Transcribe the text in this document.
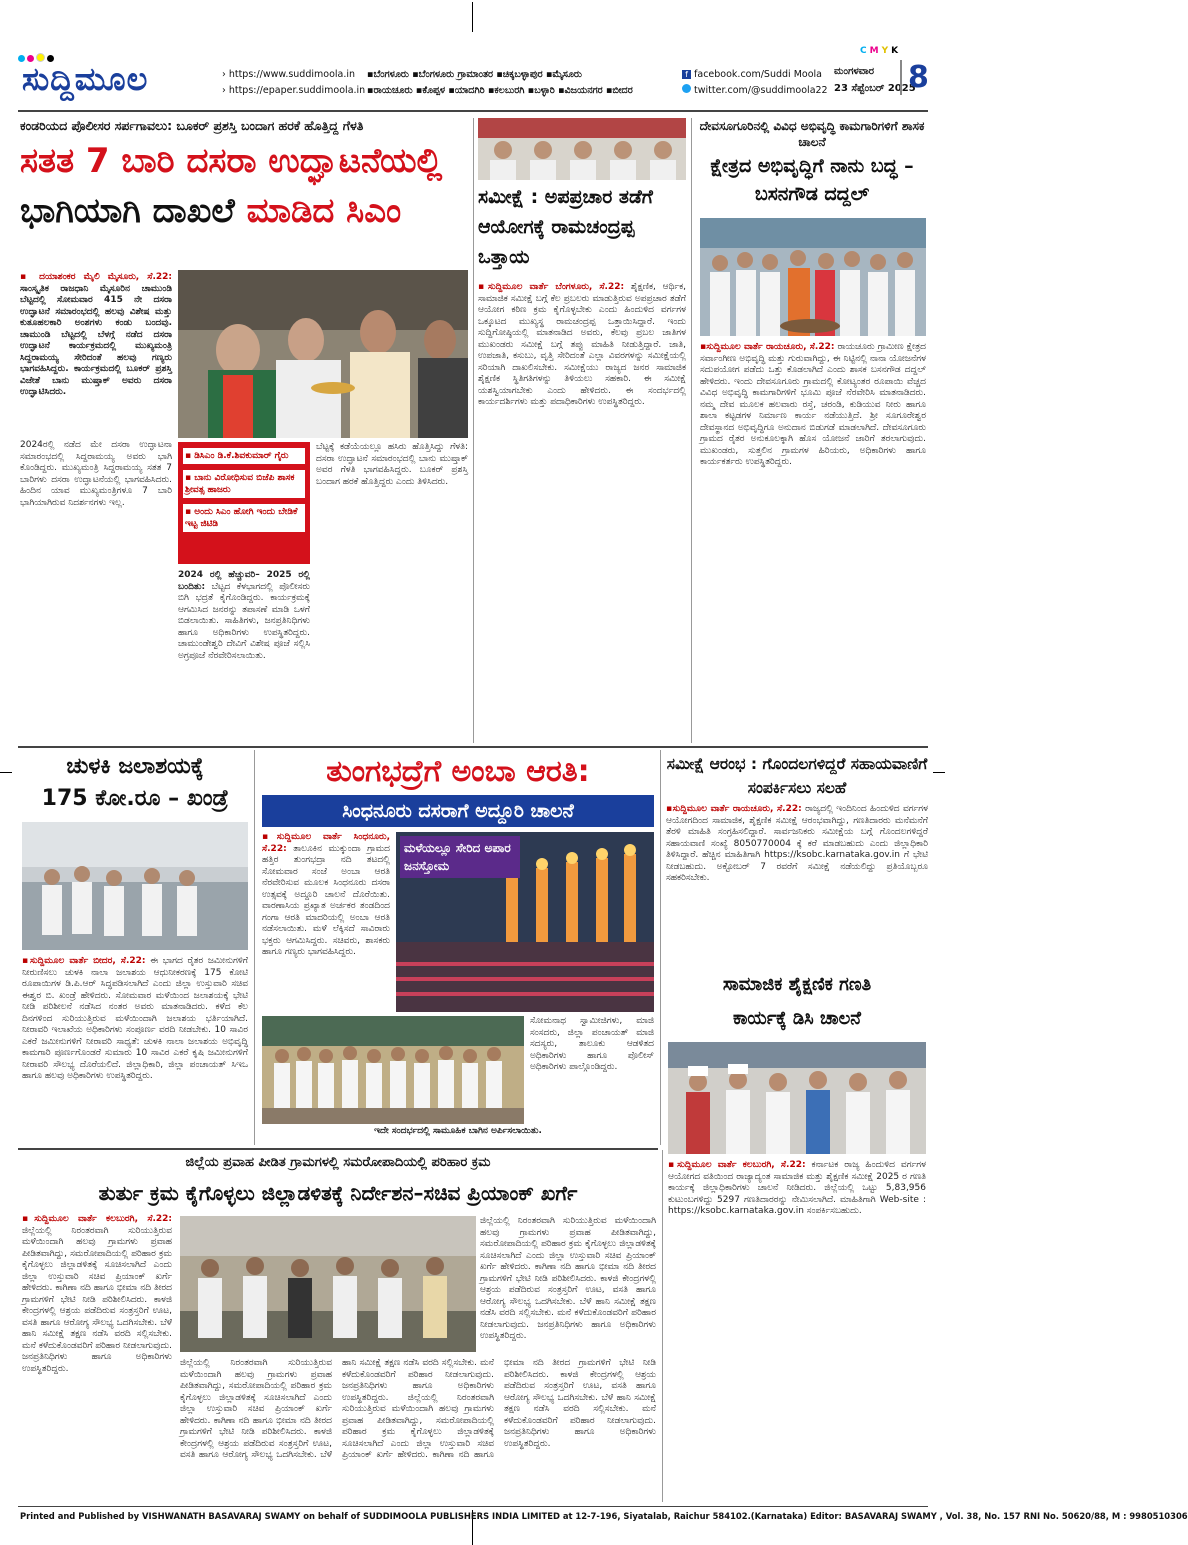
CMYK
ಸುದ್ದಿಮೂಲ	› https://www.suddimoola.in
› https://epaper.suddimoola.in
▪ಬೆಂಗಳೂರು ▪ಬೆಂಗಳೂರು ಗ್ರಾಮಾಂತರ ▪ಚಿಕ್ಕಬಳ್ಳಾಪುರ ▪ಮೈಸೂರು
▪ರಾಯಚೂರು ▪ಕೊಪ್ಪಳ ▪ಯಾದಗಿರಿ ▪ಕಲಬುರಗಿ ▪ಬಳ್ಳಾರಿ ▪ವಿಜಯನಗರ ▪ಬೀದರ
f facebook.com/Suddi Moola
twitter.com/@suddimoola22
ಮಂಗಳವಾರ
23 ಸೆಪ್ಟೆಂಬರ್ 2025
8
ಕಂಡರಿಯದ ಪೊಲೀಸರ ಸರ್ಪಗಾವಲು: ಬೂಕರ್ ಪ್ರಶಸ್ತಿ ಬಂದಾಗ ಹರಕೆ ಹೊತ್ತಿದ್ದ ಗೆಳತಿ
ಸತತ 7 ಬಾರಿ ದಸರಾ ಉದ್ಘಾಟನೆಯಲ್ಲಿ
ಭಾಗಿಯಾಗಿ ದಾಖಲೆ ಮಾಡಿದ ಸಿಎಂ
▪ ದಯಾಶಂಕರ ಮೈಲಿ ಮೈಸೂರು, ಸೆ.22: ಸಾಂಸ್ಕೃತಿಕ ರಾಜಧಾನಿ ಮೈಸೂರಿನ ಚಾಮುಂಡಿ ಬೆಟ್ಟದಲ್ಲಿ ಸೋಮವಾರ 415 ನೇ ದಸರಾ ಉದ್ಘಾಟನೆ ಸಮಾರಂಭದಲ್ಲಿ ಹಲವು ವಿಶೇಷ ಮತ್ತು ಕುತೂಹಲಕಾರಿ ಅಂಶಗಳು ಕಂಡು ಬಂದವು. ಚಾಮುಂಡಿ ಬೆಟ್ಟದಲ್ಲಿ ಬೆಳಗ್ಗೆ ನಡೆದ ದಸರಾ ಉದ್ಘಾಟನೆ ಕಾರ್ಯಕ್ರಮದಲ್ಲಿ ಮುಖ್ಯಮಂತ್ರಿ ಸಿದ್ದರಾಮಯ್ಯ ಸೇರಿದಂತೆ ಹಲವು ಗಣ್ಯರು ಭಾಗವಹಿಸಿದ್ದರು. ಕಾರ್ಯಕ್ರಮದಲ್ಲಿ ಬೂಕರ್ ಪ್ರಶಸ್ತಿ ವಿಜೇತೆ ಬಾನು ಮುಷ್ತಾಕ್ ಅವರು ದಸರಾ ಉದ್ಘಾಟಿಸಿದರು.
2024ರಲ್ಲಿ ನಡೆದ ಮೇ ದಸರಾ ಉದ್ಘಾಟನಾ ಸಮಾರಂಭದಲ್ಲಿ ಸಿದ್ದರಾಮಯ್ಯ ಅವರು ಭಾಗಿ ಕೊಂಡಿದ್ದರು. ಮುಖ್ಯಮಂತ್ರಿ ಸಿದ್ದರಾಮಯ್ಯ ಸತತ 7 ಬಾರಿಗಳು ದಸರಾ ಉದ್ಘಾಟನೆಯಲ್ಲಿ ಭಾಗವಹಿಸಿದರು. ಹಿಂದಿನ ಯಾವ ಮುಖ್ಯಮಂತ್ರಿಗಳೂ 7 ಬಾರಿ ಭಾಗಿಯಾಗಿರುವ ನಿದರ್ಶನಗಳು ಇಲ್ಲ.
▪ ಡಿಸಿಎಂ ಡಿ.ಕೆ.ಶಿವಕುಮಾರ್ ಗೈರು
▪ ಬಾನು ವಿರೋಧಿಸುವ ಬಿಜೆಪಿ ಶಾಸಕ ಶ್ರೀವತ್ಸ ಹಾಜರು
▪ ಅಂದು ಸಿಎಂ ಹೋಗಿ ಇಂದು ಬೇಡಿಕೆ ಇಟ್ಟ ಜಿಟಿಡಿ
2024 ರಲ್ಲಿ ಹೆಚ್ಚುವರಿ– 2025 ರಲ್ಲಿ ಬಂದಿತು: ಬೆಟ್ಟದ ಕೆಳಭಾಗದಲ್ಲಿ ಪೊಲೀಸರು ಬಿಗಿ ಭದ್ರತೆ ಕೈಗೊಂಡಿದ್ದರು. ಕಾರ್ಯಕ್ರಮಕ್ಕೆ ಆಗಮಿಸಿದ ಜನರನ್ನು ತಪಾಸಣೆ ಮಾಡಿ ಒಳಗೆ ಬಿಡಲಾಯಿತು. ಸಾಹಿತಿಗಳು, ಜನಪ್ರತಿನಿಧಿಗಳು ಹಾಗೂ ಅಧಿಕಾರಿಗಳು ಉಪಸ್ಥಿತರಿದ್ದರು. ಚಾಮುಂಡೇಶ್ವರಿ ದೇವಿಗೆ ವಿಶೇಷ ಪೂಜೆ ಸಲ್ಲಿಸಿ ಅಗ್ರಪೂಜೆ ನೆರವೇರಿಸಲಾಯಿತು.
ಬೆಟ್ಟಕ್ಕೆ ಕಡೆಯೆಯಲ್ಲೂ ಹಸಿರು ಹೊತ್ತಿಸಿದ್ದು ಗೆಳತಿ: ದಸರಾ ಉದ್ಘಾಟನೆ ಸಮಾರಂಭದಲ್ಲಿ ಬಾನು ಮುಷ್ತಾಕ್ ಅವರ ಗೆಳತಿ ಭಾಗವಹಿಸಿದ್ದರು. ಬೂಕರ್ ಪ್ರಶಸ್ತಿ ಬಂದಾಗ ಹರಕೆ ಹೊತ್ತಿದ್ದರು ಎಂದು ತಿಳಿಸಿದರು.
ಸಮೀಕ್ಷೆ : ಅಪಪ್ರಚಾರ ತಡೆಗೆ ಆಯೋಗಕ್ಕೆ ರಾಮಚಂದ್ರಪ್ಪ ಒತ್ತಾಯ
▪ಸುದ್ದಿಮೂಲ ವಾರ್ತೆ ಬೆಂಗಳೂರು, ಸೆ.22: ಶೈಕ್ಷಣಿಕ, ಆರ್ಥಿಕ, ಸಾಮಾಜಿಕ ಸಮೀಕ್ಷೆ ಬಗ್ಗೆ ಕೆಲ ಪ್ರಬಲರು ಮಾಡುತ್ತಿರುವ ಅಪಪ್ರಚಾರ ತಡೆಗೆ ಆಯೋಗ ಕಠಿಣ ಕ್ರಮ ಕೈಗೊಳ್ಳಬೇಕು ಎಂದು ಹಿಂದುಳಿದ ವರ್ಗಗಳ ಒಕ್ಕೂಟದ ಮುಖ್ಯಸ್ಥ ರಾಮಚಂದ್ರಪ್ಪ ಒತ್ತಾಯಿಸಿದ್ದಾರೆ. ಇಂದು ಸುದ್ದಿಗೋಷ್ಠಿಯಲ್ಲಿ ಮಾತನಾಡಿದ ಅವರು, ಕೆಲವು ಪ್ರಬಲ ಜಾತಿಗಳ ಮುಖಂಡರು ಸಮೀಕ್ಷೆ ಬಗ್ಗೆ ತಪ್ಪು ಮಾಹಿತಿ ನೀಡುತ್ತಿದ್ದಾರೆ. ಜಾತಿ, ಉಪಜಾತಿ, ಕಸುಬು, ವೃತ್ತಿ ಸೇರಿದಂತೆ ಎಲ್ಲಾ ವಿವರಗಳನ್ನು ಸಮೀಕ್ಷೆಯಲ್ಲಿ ಸರಿಯಾಗಿ ದಾಖಲಿಸಬೇಕು. ಸಮೀಕ್ಷೆಯು ರಾಜ್ಯದ ಜನರ ಸಾಮಾಜಿಕ ಶೈಕ್ಷಣಿಕ ಸ್ಥಿತಿಗತಿಗಳನ್ನು ತಿಳಿಯಲು ಸಹಕಾರಿ. ಈ ಸಮೀಕ್ಷೆ ಯಶಸ್ವಿಯಾಗಬೇಕು ಎಂದು ಹೇಳಿದರು. ಈ ಸಂದರ್ಭದಲ್ಲಿ ಕಾರ್ಯದರ್ಶಿಗಳು ಮತ್ತು ಪದಾಧಿಕಾರಿಗಳು ಉಪಸ್ಥಿತರಿದ್ದರು.
ದೇವಸೂಗೂರಿನಲ್ಲಿ ವಿವಿಧ ಅಭಿವೃದ್ಧಿ ಕಾಮಗಾರಿಗಳಿಗೆ ಶಾಸಕ ಚಾಲನೆ
ಕ್ಷೇತ್ರದ ಅಭಿವೃದ್ಧಿಗೆ ನಾನು ಬದ್ಧ – ಬಸನಗೌಡ ದದ್ದಲ್
▪ಸುದ್ದಿಮೂಲ ವಾರ್ತೆ ರಾಯಚೂರು, ಸೆ.22: ರಾಯಚೂರು ಗ್ರಾಮೀಣ ಕ್ಷೇತ್ರದ ಸರ್ವಾಂಗೀಣ ಅಭಿವೃದ್ಧಿ ಮತ್ತು ಗುರುವಾಗಿದ್ದು, ಈ ನಿಟ್ಟಿನಲ್ಲಿ ನಾನಾ ಯೋಜನೆಗಳ ಸದುಪಯೋಗ ಪಡೆದು ಒತ್ತು ಕೊಡಲಾಗಿದೆ ಎಂದು ಶಾಸಕ ಬಸನಗೌಡ ದದ್ದಲ್ ಹೇಳಿದರು. ಇಂದು ದೇವಸೂಗೂರು ಗ್ರಾಮದಲ್ಲಿ ಕೋಟ್ಯಂತರ ರೂಪಾಯಿ ವೆಚ್ಚದ ವಿವಿಧ ಅಭಿವೃದ್ಧಿ ಕಾಮಗಾರಿಗಳಿಗೆ ಭೂಮಿ ಪೂಜೆ ನೆರವೇರಿಸಿ ಮಾತನಾಡಿದರು. ನಮ್ಮ ದೇವ ಮೂಲಕ ಹಲವಾರು ರಸ್ತೆ, ಚರಂಡಿ, ಕುಡಿಯುವ ನೀರು ಹಾಗೂ ಶಾಲಾ ಕಟ್ಟಡಗಳ ನಿರ್ಮಾಣ ಕಾರ್ಯ ನಡೆಯುತ್ತಿದೆ. ಶ್ರೀ ಸೂಗೂರೇಶ್ವರ ದೇವಸ್ಥಾನದ ಅಭಿವೃದ್ಧಿಗೂ ಅನುದಾನ ಬಿಡುಗಡೆ ಮಾಡಲಾಗಿದೆ. ದೇವಸೂಗೂರು ಗ್ರಾಮದ ರೈತರ ಅನುಕೂಲಕ್ಕಾಗಿ ಹೊಸ ಯೋಜನೆ ಜಾರಿಗೆ ತರಲಾಗುವುದು. ಮುಖಂಡರು, ಸುತ್ತಲಿನ ಗ್ರಾಮಗಳ ಹಿರಿಯರು, ಅಧಿಕಾರಿಗಳು ಹಾಗೂ ಕಾರ್ಯಕರ್ತರು ಉಪಸ್ಥಿತರಿದ್ದರು.
ಚುಳಕಿ ಜಲಾಶಯಕ್ಕೆ
175 ಕೋ.ರೂ – ಖಂಡ್ರೆ
▪ಸುದ್ದಿಮೂಲ ವಾರ್ತೆ ಬೀದರ, ಸೆ.22: ಈ ಭಾಗದ ರೈತರ ಜಮೀನುಗಳಿಗೆ ನೀರುಣಿಸಲು ಚುಳಕಿ ನಾಲಾ ಜಲಾಶಯ ಆಧುನೀಕರಣಕ್ಕೆ 175 ಕೋಟಿ ರೂಪಾಯಿಗಳ ಡಿ.ಪಿ.ಆರ್ ಸಿದ್ಧಪಡಿಸಲಾಗಿದೆ ಎಂದು ಜಿಲ್ಲಾ ಉಸ್ತುವಾರಿ ಸಚಿವ ಈಶ್ವರ ಬಿ. ಖಂಡ್ರೆ ಹೇಳಿದರು. ಸೋಮವಾರ ಮಳೆಯಿಂದ ಜಲಾಶಯಕ್ಕೆ ಭೇಟಿ ನೀಡಿ ಪರಿಶೀಲನೆ ನಡೆಸಿದ ನಂತರ ಅವರು ಮಾತನಾಡಿದರು. ಕಳೆದ ಕೆಲ ದಿನಗಳಿಂದ ಸುರಿಯುತ್ತಿರುವ ಮಳೆಯಿಂದಾಗಿ ಜಲಾಶಯ ಭರ್ತಿಯಾಗಿದೆ. ನೀರಾವರಿ ಇಲಾಖೆಯ ಅಧಿಕಾರಿಗಳು ಸಂಪೂರ್ಣ ವರದಿ ನೀಡಬೇಕು. 10 ಸಾವಿರ ಎಕರೆ ಜಮೀನುಗಳಿಗೆ ನೀರಾವರಿ ಸಾಧ್ಯತೆ: ಚುಳಕಿ ನಾಲಾ ಜಲಾಶಯ ಅಭಿವೃದ್ಧಿ ಕಾಮಗಾರಿ ಪೂರ್ಣಗೊಂಡರೆ ಸುಮಾರು 10 ಸಾವಿರ ಎಕರೆ ಕೃಷಿ ಜಮೀನುಗಳಿಗೆ ನೀರಾವರಿ ಸೌಲಭ್ಯ ದೊರೆಯಲಿದೆ. ಜಿಲ್ಲಾಧಿಕಾರಿ, ಜಿಲ್ಲಾ ಪಂಚಾಯತ್ ಸಿಇಒ ಹಾಗೂ ಹಲವು ಅಧಿಕಾರಿಗಳು ಉಪಸ್ಥಿತರಿದ್ದರು.
ತುಂಗಭದ್ರೆಗೆ ಅಂಬಾ ಆರತಿ:
ಸಿಂಧನೂರು ದಸರಾಗೆ ಅದ್ದೂರಿ ಚಾಲನೆ
▪ಸುದ್ದಿಮೂಲ ವಾರ್ತೆ ಸಿಂಧನೂರು, ಸೆ.22: ತಾಲೂಕಿನ ಮುಕ್ಕುಂದಾ ಗ್ರಾಮದ ಹತ್ತಿರ ತುಂಗಭದ್ರಾ ನದಿ ತಟದಲ್ಲಿ ಸೋಮವಾರ ಸಂಜೆ ಅಂಬಾ ಆರತಿ ನೆರವೇರಿಸುವ ಮೂಲಕ ಸಿಂಧನೂರು ದಸರಾ ಉತ್ಸವಕ್ಕೆ ಅದ್ದೂರಿ ಚಾಲನೆ ದೊರೆಯಿತು. ವಾರಣಾಸಿಯ ಪ್ರಖ್ಯಾತ ಅರ್ಚಕರ ತಂಡದಿಂದ ಗಂಗಾ ಆರತಿ ಮಾದರಿಯಲ್ಲಿ ಅಂಬಾ ಆರತಿ ನಡೆಸಲಾಯಿತು. ಮಳೆ ಲೆಕ್ಕಿಸದೆ ಸಾವಿರಾರು ಭಕ್ತರು ಆಗಮಿಸಿದ್ದರು. ಸಚಿವರು, ಶಾಸಕರು ಹಾಗೂ ಗಣ್ಯರು ಭಾಗವಹಿಸಿದ್ದರು.
ಮಳೆಯಲ್ಲೂ ಸೇರಿದ ಅಪಾರ ಜನಸ್ತೋಮ
ಸೋಮನಾಥ ಸ್ವಾಮೀಜಿಗಳು, ಮಾಜಿ ಸಂಸದರು, ಜಿಲ್ಲಾ ಪಂಚಾಯತ್ ಮಾಜಿ ಸದಸ್ಯರು, ತಾಲೂಕು ಆಡಳಿತದ ಅಧಿಕಾರಿಗಳು ಹಾಗೂ ಪೊಲೀಸ್ ಅಧಿಕಾರಿಗಳು ಪಾಲ್ಗೊಂಡಿದ್ದರು.
ಇದೇ ಸಂದರ್ಭದಲ್ಲಿ ಸಾಮೂಹಿಕ ಬಾಗಿನ ಅರ್ಪಿಸಲಾಯಿತು.
ಸಮೀಕ್ಷೆ ಆರಂಭ : ಗೊಂದಲಗಳಿದ್ದರೆ ಸಹಾಯವಾಣಿಗೆ ಸಂಪರ್ಕಿಸಲು ಸಲಹೆ
▪ಸುದ್ದಿಮೂಲ ವಾರ್ತೆ ರಾಯಚೂರು, ಸೆ.22: ರಾಜ್ಯದಲ್ಲಿ ಇಂದಿನಿಂದ ಹಿಂದುಳಿದ ವರ್ಗಗಳ ಆಯೋಗದಿಂದ ಸಾಮಾಜಿಕ, ಶೈಕ್ಷಣಿಕ ಸಮೀಕ್ಷೆ ಆರಂಭವಾಗಿದ್ದು, ಗಣತಿದಾರರು ಮನೆಮನೆಗೆ ತೆರಳಿ ಮಾಹಿತಿ ಸಂಗ್ರಹಿಸಲಿದ್ದಾರೆ. ಸಾರ್ವಜನಿಕರು ಸಮೀಕ್ಷೆಯ ಬಗ್ಗೆ ಗೊಂದಲಗಳಿದ್ದರೆ ಸಹಾಯವಾಣಿ ಸಂಖ್ಯೆ 8050770004 ಕ್ಕೆ ಕರೆ ಮಾಡಬಹುದು ಎಂದು ಜಿಲ್ಲಾಧಿಕಾರಿ ತಿಳಿಸಿದ್ದಾರೆ. ಹೆಚ್ಚಿನ ಮಾಹಿತಿಗಾಗಿ https://ksobc.karnataka.gov.in ಗೆ ಭೇಟಿ ನೀಡಬಹುದು. ಅಕ್ಟೋಬರ್ 7 ರವರೆಗೆ ಸಮೀಕ್ಷೆ ನಡೆಯಲಿದ್ದು ಪ್ರತಿಯೊಬ್ಬರೂ ಸಹಕರಿಸಬೇಕು.
ಸಾಮಾಜಿಕ ಶೈಕ್ಷಣಿಕ ಗಣತಿ
ಕಾರ್ಯಕ್ಕೆ ಡಿಸಿ ಚಾಲನೆ
▪ಸುದ್ದಿಮೂಲ ವಾರ್ತೆ ಕಲಬುರಗಿ, ಸೆ.22: ಕರ್ನಾಟಕ ರಾಜ್ಯ ಹಿಂದುಳಿದ ವರ್ಗಗಳ ಆಯೋಗದ ವತಿಯಿಂದ ರಾಜ್ಯಾದ್ಯಂತ ಸಾಮಾಜಿಕ ಮತ್ತು ಶೈಕ್ಷಣಿಕ ಸಮೀಕ್ಷೆ 2025 ರ ಗಣತಿ ಕಾರ್ಯಕ್ಕೆ ಜಿಲ್ಲಾಧಿಕಾರಿಗಳು ಚಾಲನೆ ನೀಡಿದರು. ಜಿಲ್ಲೆಯಲ್ಲಿ ಒಟ್ಟು 5,83,956 ಕುಟುಂಬಗಳಿದ್ದು 5297 ಗಣತಿದಾರರನ್ನು ನೇಮಿಸಲಾಗಿದೆ. ಮಾಹಿತಿಗಾಗಿ Web-site : https://ksobc.karnataka.gov.in ಸಂಪರ್ಕಿಸಬಹುದು.
ಜಿಲ್ಲೆಯ ಪ್ರವಾಹ ಪೀಡಿತ ಗ್ರಾಮಗಳಲ್ಲಿ ಸಮರೋಪಾದಿಯಲ್ಲಿ ಪರಿಹಾರ ಕ್ರಮ
ತುರ್ತು ಕ್ರಮ ಕೈಗೊಳ್ಳಲು ಜಿಲ್ಲಾಡಳಿತಕ್ಕೆ ನಿರ್ದೇಶನ–ಸಚಿವ ಪ್ರಿಯಾಂಕ್ ಖರ್ಗೆ
▪ಸುದ್ದಿಮೂಲ ವಾರ್ತೆ ಕಲಬುರಗಿ, ಸೆ.22: ಜಿಲ್ಲೆಯಲ್ಲಿ ನಿರಂತರವಾಗಿ ಸುರಿಯುತ್ತಿರುವ ಮಳೆಯಿಂದಾಗಿ ಹಲವು ಗ್ರಾಮಗಳು ಪ್ರವಾಹ ಪೀಡಿತವಾಗಿದ್ದು, ಸಮರೋಪಾದಿಯಲ್ಲಿ ಪರಿಹಾರ ಕ್ರಮ ಕೈಗೊಳ್ಳಲು ಜಿಲ್ಲಾಡಳಿತಕ್ಕೆ ಸೂಚಿಸಲಾಗಿದೆ ಎಂದು ಜಿಲ್ಲಾ ಉಸ್ತುವಾರಿ ಸಚಿವ ಪ್ರಿಯಾಂಕ್ ಖರ್ಗೆ ಹೇಳಿದರು. ಕಾಗಿಣಾ ನದಿ ಹಾಗೂ ಭೀಮಾ ನದಿ ತೀರದ ಗ್ರಾಮಗಳಿಗೆ ಭೇಟಿ ನೀಡಿ ಪರಿಶೀಲಿಸಿದರು. ಕಾಳಜಿ ಕೇಂದ್ರಗಳಲ್ಲಿ ಆಶ್ರಯ ಪಡೆದಿರುವ ಸಂತ್ರಸ್ತರಿಗೆ ಊಟ, ವಸತಿ ಹಾಗೂ ಆರೋಗ್ಯ ಸೌಲಭ್ಯ ಒದಗಿಸಬೇಕು. ಬೆಳೆ ಹಾನಿ ಸಮೀಕ್ಷೆ ತಕ್ಷಣ ನಡೆಸಿ ವರದಿ ಸಲ್ಲಿಸಬೇಕು. ಮನೆ ಕಳೆದುಕೊಂಡವರಿಗೆ ಪರಿಹಾರ ನೀಡಲಾಗುವುದು. ಜನಪ್ರತಿನಿಧಿಗಳು ಹಾಗೂ ಅಧಿಕಾರಿಗಳು ಉಪಸ್ಥಿತರಿದ್ದರು.
ಜಿಲ್ಲೆಯಲ್ಲಿ ನಿರಂತರವಾಗಿ ಸುರಿಯುತ್ತಿರುವ ಮಳೆಯಿಂದಾಗಿ ಹಲವು ಗ್ರಾಮಗಳು ಪ್ರವಾಹ ಪೀಡಿತವಾಗಿದ್ದು, ಸಮರೋಪಾದಿಯಲ್ಲಿ ಪರಿಹಾರ ಕ್ರಮ ಕೈಗೊಳ್ಳಲು ಜಿಲ್ಲಾಡಳಿತಕ್ಕೆ ಸೂಚಿಸಲಾಗಿದೆ ಎಂದು ಜಿಲ್ಲಾ ಉಸ್ತುವಾರಿ ಸಚಿವ ಪ್ರಿಯಾಂಕ್ ಖರ್ಗೆ ಹೇಳಿದರು. ಕಾಗಿಣಾ ನದಿ ಹಾಗೂ ಭೀಮಾ ನದಿ ತೀರದ ಗ್ರಾಮಗಳಿಗೆ ಭೇಟಿ ನೀಡಿ ಪರಿಶೀಲಿಸಿದರು. ಕಾಳಜಿ ಕೇಂದ್ರಗಳಲ್ಲಿ ಆಶ್ರಯ ಪಡೆದಿರುವ ಸಂತ್ರಸ್ತರಿಗೆ ಊಟ, ವಸತಿ ಹಾಗೂ ಆರೋಗ್ಯ ಸೌಲಭ್ಯ ಒದಗಿಸಬೇಕು. ಬೆಳೆ ಹಾನಿ ಸಮೀಕ್ಷೆ ತಕ್ಷಣ ನಡೆಸಿ ವರದಿ ಸಲ್ಲಿಸಬೇಕು. ಮನೆ ಕಳೆದುಕೊಂಡವರಿಗೆ ಪರಿಹಾರ ನೀಡಲಾಗುವುದು. ಜನಪ್ರತಿನಿಧಿಗಳು ಹಾಗೂ ಅಧಿಕಾರಿಗಳು ಉಪಸ್ಥಿತರಿದ್ದರು.
ಜಿಲ್ಲೆಯಲ್ಲಿ ನಿರಂತರವಾಗಿ ಸುರಿಯುತ್ತಿರುವ ಮಳೆಯಿಂದಾಗಿ ಹಲವು ಗ್ರಾಮಗಳು ಪ್ರವಾಹ ಪೀಡಿತವಾಗಿದ್ದು, ಸಮರೋಪಾದಿಯಲ್ಲಿ ಪರಿಹಾರ ಕ್ರಮ ಕೈಗೊಳ್ಳಲು ಜಿಲ್ಲಾಡಳಿತಕ್ಕೆ ಸೂಚಿಸಲಾಗಿದೆ ಎಂದು ಜಿಲ್ಲಾ ಉಸ್ತುವಾರಿ ಸಚಿವ ಪ್ರಿಯಾಂಕ್ ಖರ್ಗೆ ಹೇಳಿದರು. ಕಾಗಿಣಾ ನದಿ ಹಾಗೂ ಭೀಮಾ ನದಿ ತೀರದ ಗ್ರಾಮಗಳಿಗೆ ಭೇಟಿ ನೀಡಿ ಪರಿಶೀಲಿಸಿದರು. ಕಾಳಜಿ ಕೇಂದ್ರಗಳಲ್ಲಿ ಆಶ್ರಯ ಪಡೆದಿರುವ ಸಂತ್ರಸ್ತರಿಗೆ ಊಟ, ವಸತಿ ಹಾಗೂ ಆರೋಗ್ಯ ಸೌಲಭ್ಯ ಒದಗಿಸಬೇಕು. ಬೆಳೆ ಹಾನಿ ಸಮೀಕ್ಷೆ ತಕ್ಷಣ ನಡೆಸಿ ವರದಿ ಸಲ್ಲಿಸಬೇಕು. ಮನೆ ಕಳೆದುಕೊಂಡವರಿಗೆ ಪರಿಹಾರ ನೀಡಲಾಗುವುದು. ಜನಪ್ರತಿನಿಧಿಗಳು ಹಾಗೂ ಅಧಿಕಾರಿಗಳು ಉಪಸ್ಥಿತರಿದ್ದರು. ಜಿಲ್ಲೆಯಲ್ಲಿ ನಿರಂತರವಾಗಿ ಸುರಿಯುತ್ತಿರುವ ಮಳೆಯಿಂದಾಗಿ ಹಲವು ಗ್ರಾಮಗಳು ಪ್ರವಾಹ ಪೀಡಿತವಾಗಿದ್ದು, ಸಮರೋಪಾದಿಯಲ್ಲಿ ಪರಿಹಾರ ಕ್ರಮ ಕೈಗೊಳ್ಳಲು ಜಿಲ್ಲಾಡಳಿತಕ್ಕೆ ಸೂಚಿಸಲಾಗಿದೆ ಎಂದು ಜಿಲ್ಲಾ ಉಸ್ತುವಾರಿ ಸಚಿವ ಪ್ರಿಯಾಂಕ್ ಖರ್ಗೆ ಹೇಳಿದರು. ಕಾಗಿಣಾ ನದಿ ಹಾಗೂ ಭೀಮಾ ನದಿ ತೀರದ ಗ್ರಾಮಗಳಿಗೆ ಭೇಟಿ ನೀಡಿ ಪರಿಶೀಲಿಸಿದರು. ಕಾಳಜಿ ಕೇಂದ್ರಗಳಲ್ಲಿ ಆಶ್ರಯ ಪಡೆದಿರುವ ಸಂತ್ರಸ್ತರಿಗೆ ಊಟ, ವಸತಿ ಹಾಗೂ ಆರೋಗ್ಯ ಸೌಲಭ್ಯ ಒದಗಿಸಬೇಕು. ಬೆಳೆ ಹಾನಿ ಸಮೀಕ್ಷೆ ತಕ್ಷಣ ನಡೆಸಿ ವರದಿ ಸಲ್ಲಿಸಬೇಕು. ಮನೆ ಕಳೆದುಕೊಂಡವರಿಗೆ ಪರಿಹಾರ ನೀಡಲಾಗುವುದು. ಜನಪ್ರತಿನಿಧಿಗಳು ಹಾಗೂ ಅಧಿಕಾರಿಗಳು ಉಪಸ್ಥಿತರಿದ್ದರು.
Printed and Published by VISHWANATH BASAVARAJ SWAMY on behalf of SUDDIMOOLA PUBLISHERS INDIA LIMITED at 12-7-196, Siyatalab, Raichur 584102.(Karnataka) Editor: BASAVARAJ SWAMY , Vol. 38, No. 157 RNI No. 50620/88, M : 9980510306
